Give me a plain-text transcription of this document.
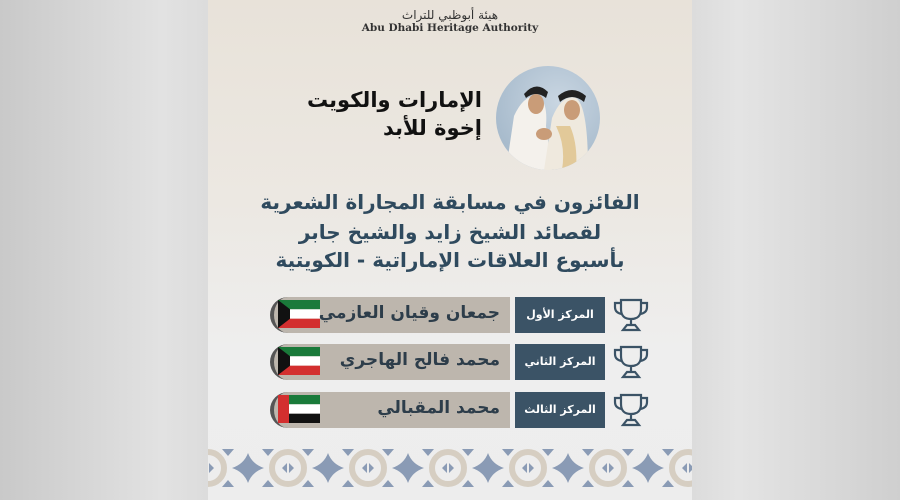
هيئة أبوظبي للتراث
Abu Dhabi Heritage Authority
الإمارات والكويت
إخوة للأبد
الفائزون في مسابقة المجاراة الشعرية
لقصائد الشيخ زايد والشيخ جابر
بأسبوع العلاقات الإماراتية - الكويتية
جمعان وقيان العازمي	المركز الأول
محمد فالح الهاجري	المركز الثاني
محمد المقبالي	المركز الثالث
